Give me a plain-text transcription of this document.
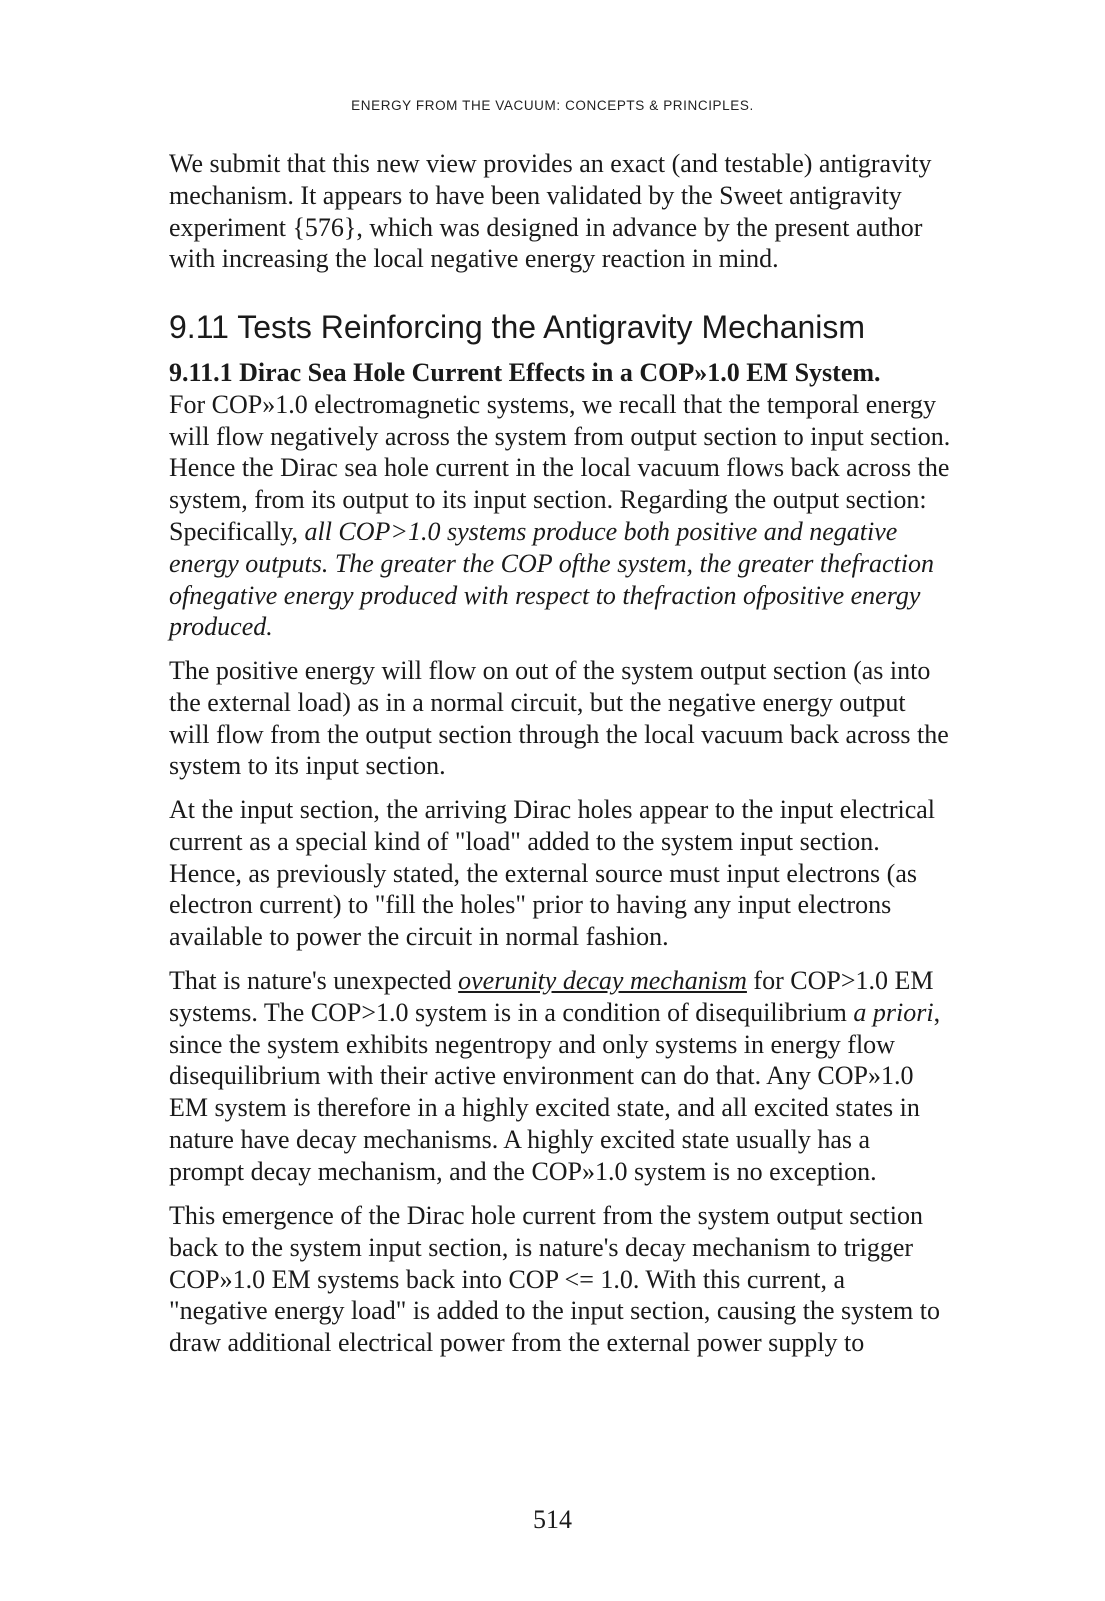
ENERGY FROM THE VACUUM: CONCEPTS & PRINCIPLES.

We submit that this new view provides an exact (and testable) antigravity
mechanism. It appears to have been validated by the Sweet antigravity
experiment {576}, which was designed in advance by the present author
with increasing the local negative energy reaction in mind.

9.11 Tests Reinforcing the Antigravity Mechanism

9.11.1 Dirac Sea Hole Current Effects in a COP»1.0 EM System.
For COP»1.0 electromagnetic systems, we recall that the temporal energy
will flow negatively across the system from output section to input section.
Hence the Dirac sea hole current in the local vacuum flows back across the
system, from its output to its input section. Regarding the output section:
Specifically, all COP>1.0 systems produce both positive and negative
energy outputs. The greater the COP ofthe system, the greater thefraction
ofnegative energy produced with respect to thefraction ofpositive energy
produced.

The positive energy will flow on out of the system output section (as into
the external load) as in a normal circuit, but the negative energy output
will flow from the output section through the local vacuum back across the
system to its input section.

At the input section, the arriving Dirac holes appear to the input electrical
current as a special kind of "load" added to the system input section.
Hence, as previously stated, the external source must input electrons (as
electron current) to "fill the holes" prior to having any input electrons
available to power the circuit in normal fashion.

That is nature's unexpected overunity decay mechanism for COP>1.0 EM
systems. The COP>1.0 system is in a condition of disequilibrium a priori,
since the system exhibits negentropy and only systems in energy flow
disequilibrium with their active environment can do that. Any COP»1.0
EM system is therefore in a highly excited state, and all excited states in
nature have decay mechanisms. A highly excited state usually has a
prompt decay mechanism, and the COP»1.0 system is no exception.

This emergence of the Dirac hole current from the system output section
back to the system input section, is nature's decay mechanism to trigger
COP»1.0 EM systems back into COP <= 1.0. With this current, a
"negative energy load" is added to the input section, causing the system to
draw additional electrical power from the external power supply to

514
